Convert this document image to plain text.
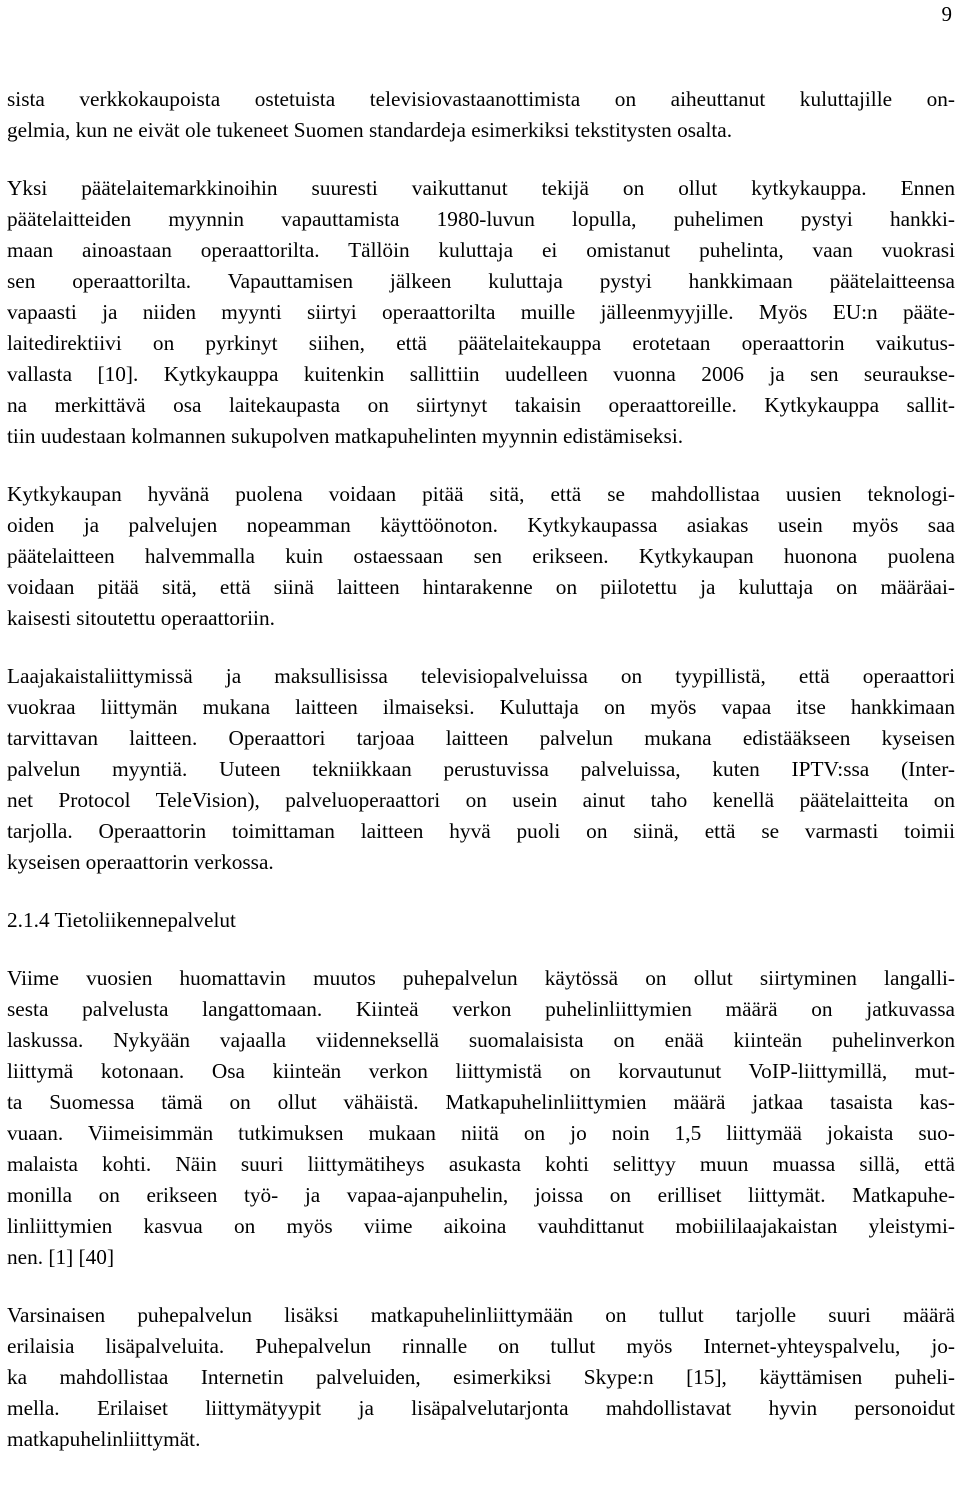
9
sista verkkokaupoista ostetuista televisiovastaanottimista on aiheuttanut kuluttajille on-
gelmia, kun ne eivät ole tukeneet Suomen standardeja esimerkiksi tekstitysten osalta.
Yksi päätelaitemarkkinoihin suuresti vaikuttanut tekijä on ollut kytkykauppa. Ennen
päätelaitteiden myynnin vapauttamista 1980-luvun lopulla, puhelimen pystyi hankki-
maan ainoastaan operaattorilta. Tällöin kuluttaja ei omistanut puhelinta, vaan vuokrasi
sen operaattorilta. Vapauttamisen jälkeen kuluttaja pystyi hankkimaan päätelaitteensa
vapaasti ja niiden myynti siirtyi operaattorilta muille jälleenmyyjille. Myös EU:n pääte-
laitedirektiivi on pyrkinyt siihen, että päätelaitekauppa erotetaan operaattorin vaikutus-
vallasta [10]. Kytkykauppa kuitenkin sallittiin uudelleen vuonna 2006 ja sen seuraukse-
na merkittävä osa laitekaupasta on siirtynyt takaisin operaattoreille. Kytkykauppa sallit-
tiin uudestaan kolmannen sukupolven matkapuhelinten myynnin edistämiseksi.
Kytkykaupan hyvänä puolena voidaan pitää sitä, että se mahdollistaa uusien teknologi-
oiden ja palvelujen nopeamman käyttöönoton. Kytkykaupassa asiakas usein myös saa
päätelaitteen halvemmalla kuin ostaessaan sen erikseen. Kytkykaupan huonona puolena
voidaan pitää sitä, että siinä laitteen hintarakenne on piilotettu ja kuluttaja on määräai-
kaisesti sitoutettu operaattoriin.
Laajakaistaliittymissä ja maksullisissa televisiopalveluissa on tyypillistä, että operaattori
vuokraa liittymän mukana laitteen ilmaiseksi. Kuluttaja on myös vapaa itse hankkimaan
tarvittavan laitteen. Operaattori tarjoaa laitteen palvelun mukana edistääkseen kyseisen
palvelun myyntiä. Uuteen tekniikkaan perustuvissa palveluissa, kuten IPTV:ssa (Inter-
net Protocol TeleVision), palveluoperaattori on usein ainut taho kenellä päätelaitteita on
tarjolla. Operaattorin toimittaman laitteen hyvä puoli on siinä, että se varmasti toimii
kyseisen operaattorin verkossa.
2.1.4 Tietoliikennepalvelut
Viime vuosien huomattavin muutos puhepalvelun käytössä on ollut siirtyminen langalli-
sesta palvelusta langattomaan. Kiinteä verkon puhelinliittymien määrä on jatkuvassa
laskussa. Nykyään vajaalla viidenneksellä suomalaisista on enää kiinteän puhelinverkon
liittymä kotonaan. Osa kiinteän verkon liittymistä on korvautunut VoIP-liittymillä, mut-
ta Suomessa tämä on ollut vähäistä. Matkapuhelinliittymien määrä jatkaa tasaista kas-
vuaan. Viimeisimmän tutkimuksen mukaan niitä on jo noin 1,5 liittymää jokaista suo-
malaista kohti. Näin suuri liittymätiheys asukasta kohti selittyy muun muassa sillä, että
monilla on erikseen työ- ja vapaa-ajanpuhelin, joissa on erilliset liittymät. Matkapuhe-
linliittymien kasvua on myös viime aikoina vauhdittanut mobiililaajakaistan yleistymi-
nen. [1] [40]
Varsinaisen puhepalvelun lisäksi matkapuhelinliittymään on tullut tarjolle suuri määrä
erilaisia lisäpalveluita. Puhepalvelun rinnalle on tullut myös Internet-yhteyspalvelu, jo-
ka mahdollistaa Internetin palveluiden, esimerkiksi Skype:n [15], käyttämisen puheli-
mella. Erilaiset liittymätyypit ja lisäpalvelutarjonta mahdollistavat hyvin personoidut
matkapuhelinliittymät.
